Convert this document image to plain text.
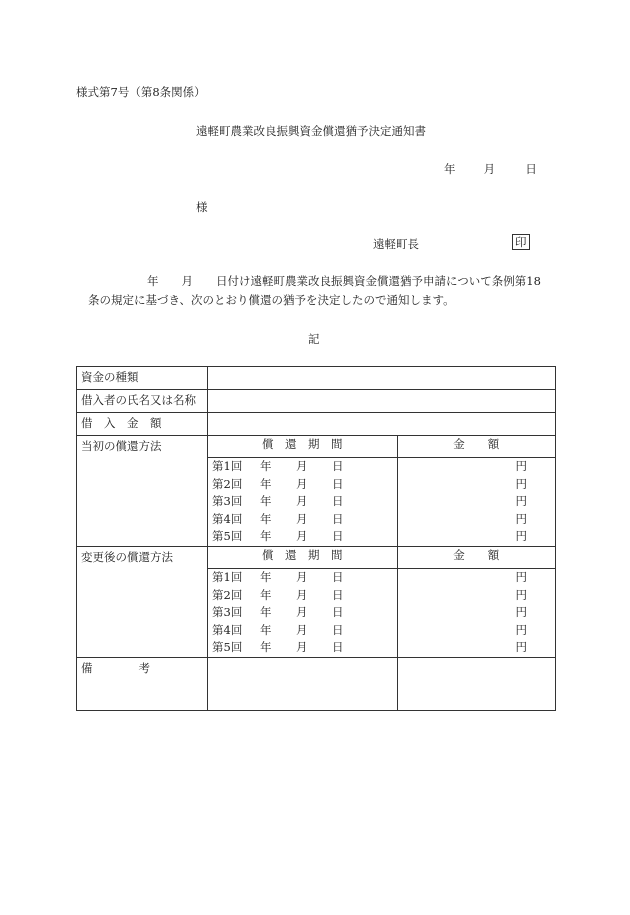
様式第7号（第8条関係）
遠軽町農業改良振興資金償還猶予決定通知書
年 月	日
様
遠軽町長	印
年　　月　　日付け遠軽町農業改良振興資金償還猶予申請について条例第18
条の規定に基づき、次のとおり償還の猶予を決定したので通知します。
記
資金の種類	
借入者の氏名又は名称	
借　入　金　額	
当初の償還方法		償　還　期　間	金　　額
第1回 年 月 日	円
第2回 年 月 日	円
第3回 年 月 日	円
第4回 年 月 日	円
第5回 年 月 日	円

変更後の償還方法		償　還　期　間	金　　額
第1回 年 月 日	円
第2回 年 月 日	円
第3回 年 月 日	円
第4回 年 月 日	円
第5回 年 月 日	円

備　　　　考	
